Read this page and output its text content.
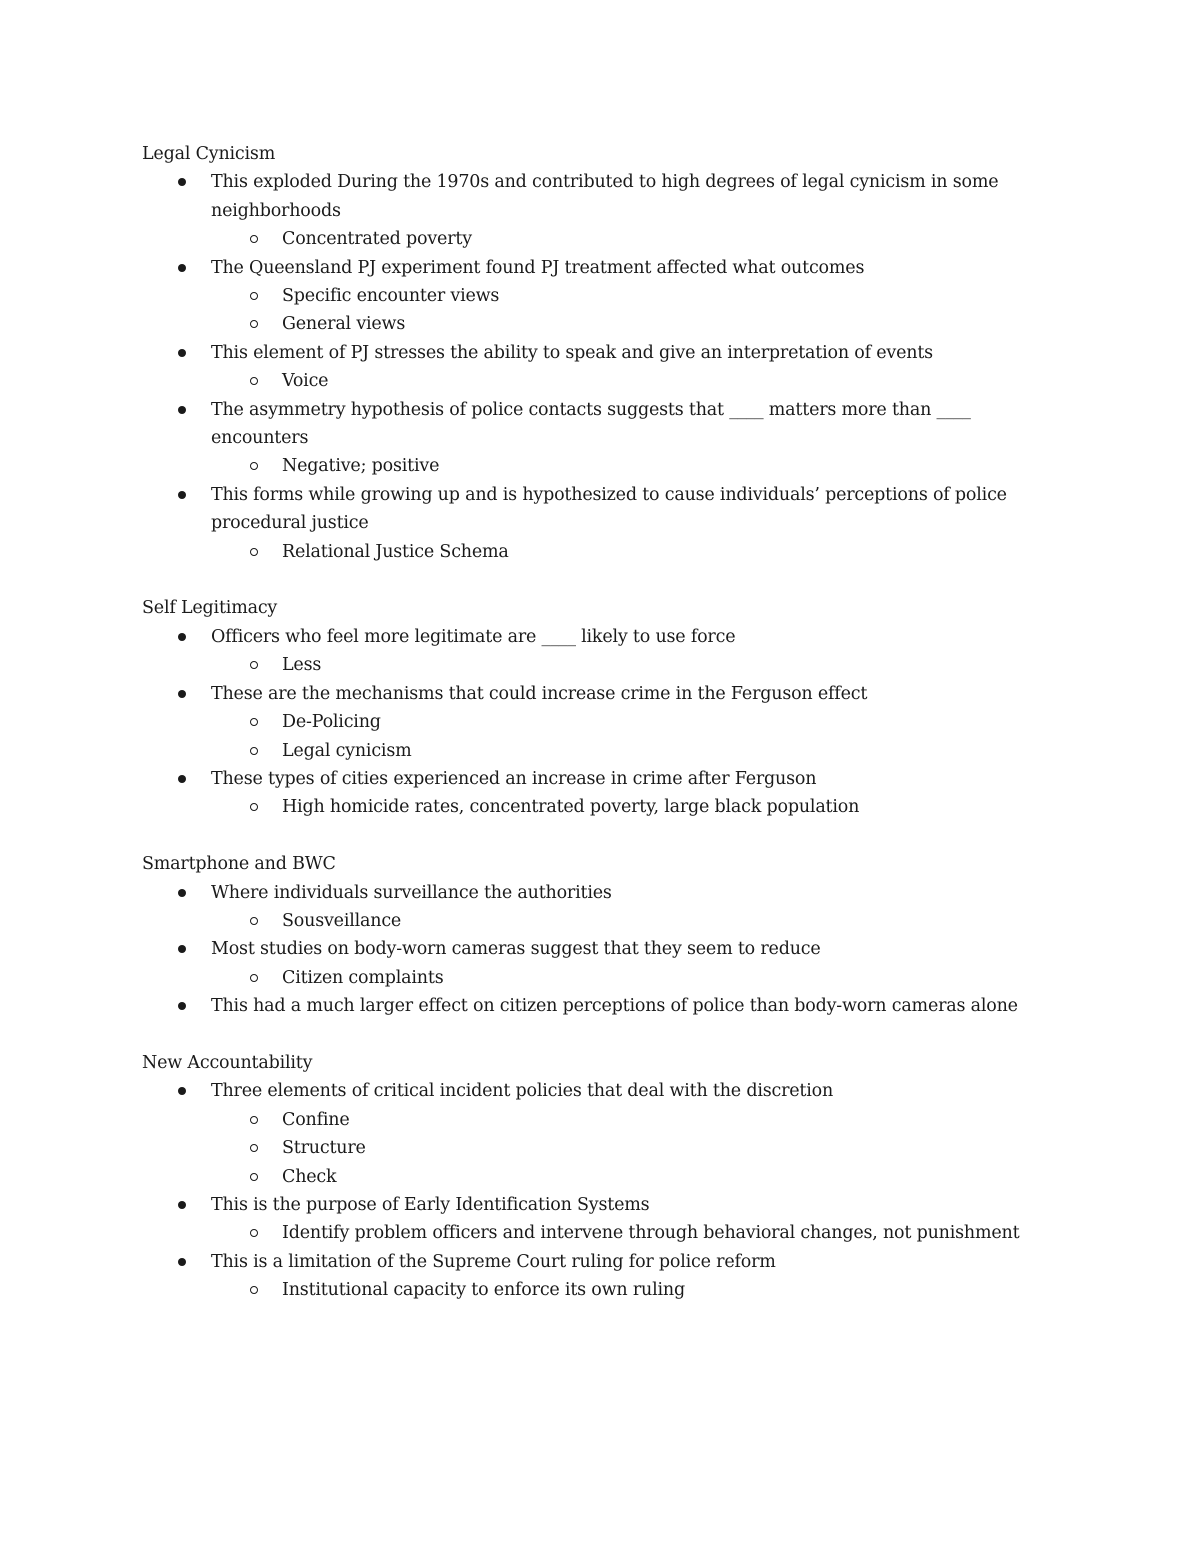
Legal Cynicism
This exploded During the 1970s and contributed to high degrees of legal cynicism in some neighborhoods
Concentrated poverty
The Queensland PJ experiment found PJ treatment affected what outcomes
Specific encounter views
General views
This element of PJ stresses the ability to speak and give an interpretation of events
Voice
The asymmetry hypothesis of police contacts suggests that ____ matters more than ____ encounters
Negative; positive
This forms while growing up and is hypothesized to cause individuals’ perceptions of police procedural justice
Relational Justice Schema
Self Legitimacy
Officers who feel more legitimate are ____ likely to use force
Less
These are the mechanisms that could increase crime in the Ferguson effect
De-Policing
Legal cynicism
These types of cities experienced an increase in crime after Ferguson
High homicide rates, concentrated poverty, large black population
Smartphone and BWC
Where individuals surveillance the authorities
Sousveillance
Most studies on body-worn cameras suggest that they seem to reduce
Citizen complaints
This had a much larger effect on citizen perceptions of police than body-worn cameras alone
New Accountability
Three elements of critical incident policies that deal with the discretion
Confine
Structure
Check
This is the purpose of Early Identification Systems
Identify problem officers and intervene through behavioral changes, not punishment
This is a limitation of the Supreme Court ruling for police reform
Institutional capacity to enforce its own ruling
